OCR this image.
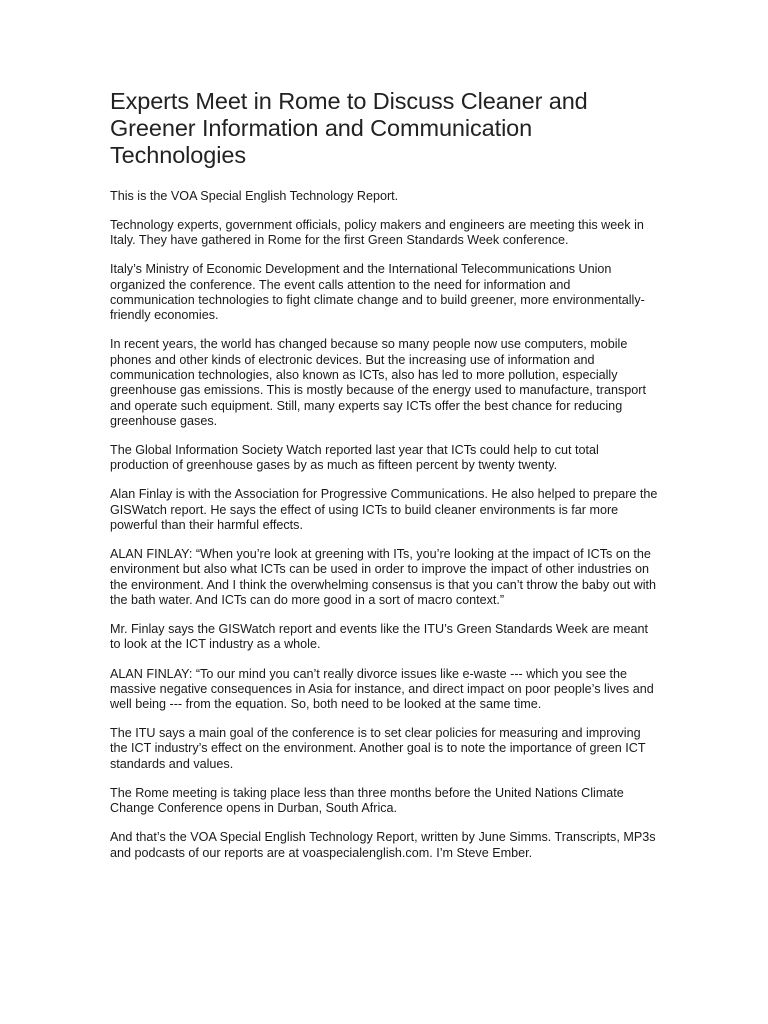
Experts Meet in Rome to Discuss Cleaner and Greener Information and Communication Technologies

This is the VOA Special English Technology Report.

Technology experts, government officials, policy makers and engineers are meeting this week in Italy. They have gathered in Rome for the first Green Standards Week conference.

Italy’s Ministry of Economic Development and the International Telecommunications Union organized the conference. The event calls attention to the need for information and communication technologies to fight climate change and to build greener, more environmentally-friendly economies.

In recent years, the world has changed because so many people now use computers, mobile phones and other kinds of electronic devices. But the increasing use of information and communication technologies, also known as ICTs, also has led to more pollution, especially greenhouse gas emissions. This is mostly because of the energy used to manufacture, transport and operate such equipment. Still, many experts say ICTs offer the best chance for reducing greenhouse gases.

The Global Information Society Watch reported last year that ICTs could help to cut total production of greenhouse gases by as much as fifteen percent by twenty twenty.

Alan Finlay is with the Association for Progressive Communications. He also helped to prepare the GISWatch report. He says the effect of using ICTs to build cleaner environments is far more powerful than their harmful effects.

ALAN FINLAY: “When you’re look at greening with ITs, you’re looking at the impact of ICTs on the environment but also what ICTs can be used in order to improve the impact of other industries on the environment. And I think the overwhelming consensus is that you can’t throw the baby out with the bath water. And ICTs can do more good in a sort of macro context.”

Mr. Finlay says the GISWatch report and events like the ITU’s Green Standards Week are meant to look at the ICT industry as a whole.

ALAN FINLAY: “To our mind you can’t really divorce issues like e-waste --- which you see the massive negative consequences in Asia for instance, and direct impact on poor people’s lives and well being --- from the equation. So, both need to be looked at the same time.

The ITU says a main goal of the conference is to set clear policies for measuring and improving the ICT industry’s effect on the environment. Another goal is to note the importance of green ICT standards and values.

The Rome meeting is taking place less than three months before the United Nations Climate Change Conference opens in Durban, South Africa.

And that’s the VOA Special English Technology Report, written by June Simms. Transcripts, MP3s and podcasts of our reports are at voaspecialenglish.com. I’m Steve Ember.
